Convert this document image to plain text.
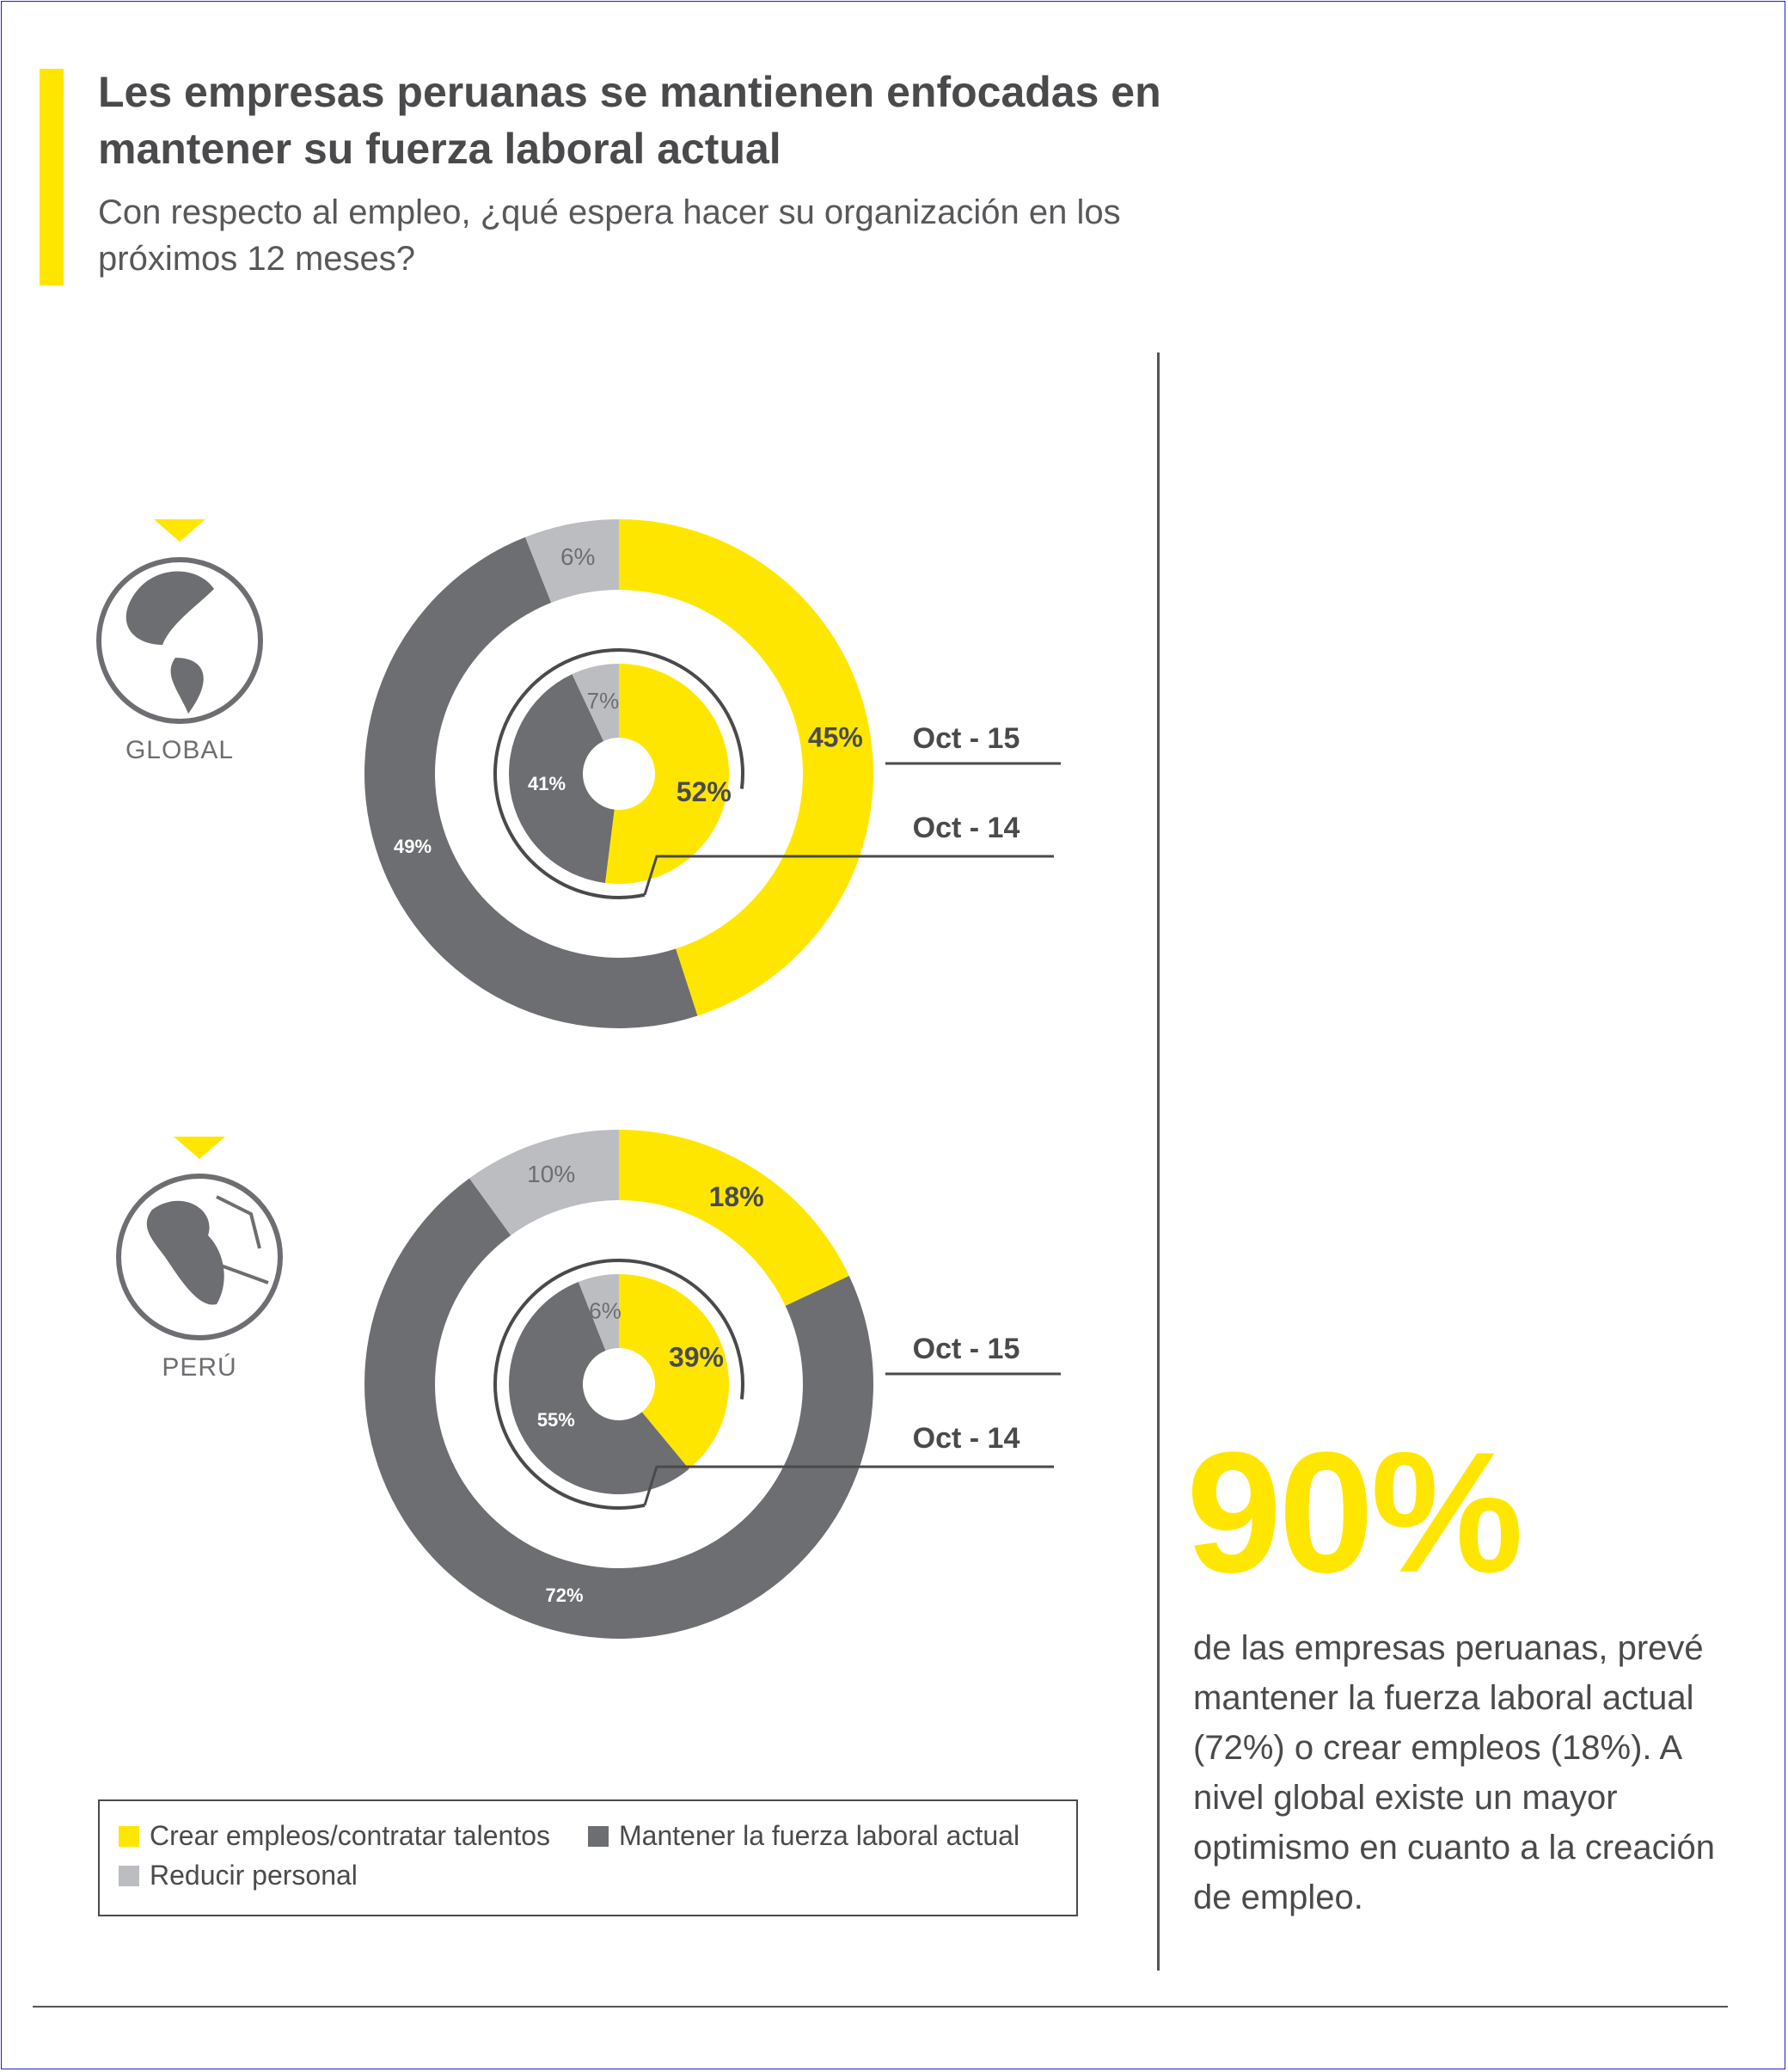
Les empresas peruanas se mantienen enfocadas en mantener su fuerza laboral actual
Con respecto al empleo, ¿qué espera hacer su organización en los próximos 12 meses?
GLOBAL	45%
49%
6%
52%
41%
7%
Oct - 15
Oct - 14
PERÚ
18%
72%
10%
39%
55%
6%
Oct - 15
Oct - 14
Crear empleos/contratar talentos	Mantener la fuerza laboral actual
Reducir personal
90%
de las empresas peruanas, prevé mantener la fuerza laboral actual (72%) o crear empleos (18%). A nivel global existe un mayor optimismo en cuanto a la creación de empleo.
